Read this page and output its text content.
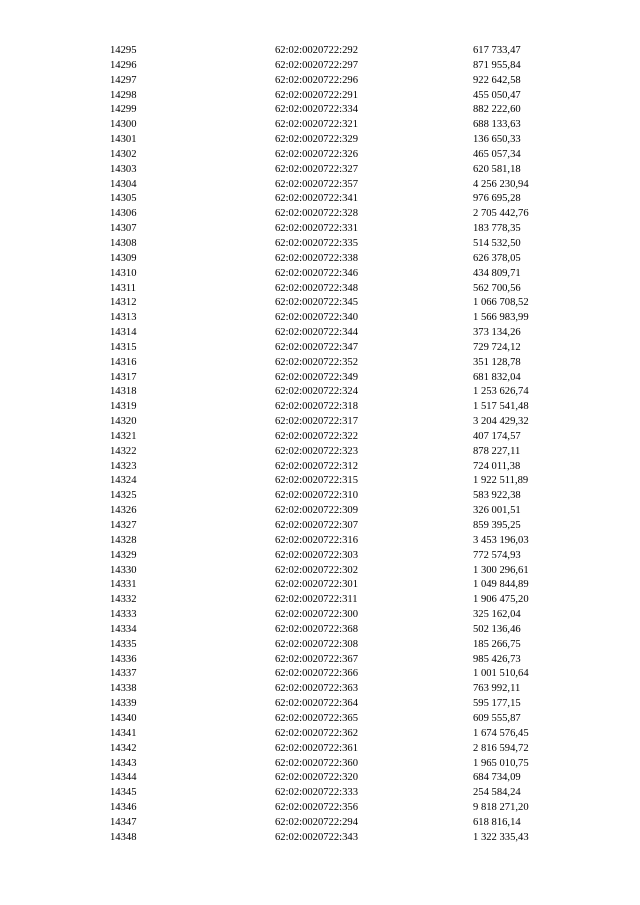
14295	62:02:0020722:292	617 733,47
14296	62:02:0020722:297	871 955,84
14297	62:02:0020722:296	922 642,58
14298	62:02:0020722:291	455 050,47
14299	62:02:0020722:334	882 222,60
14300	62:02:0020722:321	688 133,63
14301	62:02:0020722:329	136 650,33
14302	62:02:0020722:326	465 057,34
14303	62:02:0020722:327	620 581,18
14304	62:02:0020722:357	4 256 230,94
14305	62:02:0020722:341	976 695,28
14306	62:02:0020722:328	2 705 442,76
14307	62:02:0020722:331	183 778,35
14308	62:02:0020722:335	514 532,50
14309	62:02:0020722:338	626 378,05
14310	62:02:0020722:346	434 809,71
14311	62:02:0020722:348	562 700,56
14312	62:02:0020722:345	1 066 708,52
14313	62:02:0020722:340	1 566 983,99
14314	62:02:0020722:344	373 134,26
14315	62:02:0020722:347	729 724,12
14316	62:02:0020722:352	351 128,78
14317	62:02:0020722:349	681 832,04
14318	62:02:0020722:324	1 253 626,74
14319	62:02:0020722:318	1 517 541,48
14320	62:02:0020722:317	3 204 429,32
14321	62:02:0020722:322	407 174,57
14322	62:02:0020722:323	878 227,11
14323	62:02:0020722:312	724 011,38
14324	62:02:0020722:315	1 922 511,89
14325	62:02:0020722:310	583 922,38
14326	62:02:0020722:309	326 001,51
14327	62:02:0020722:307	859 395,25
14328	62:02:0020722:316	3 453 196,03
14329	62:02:0020722:303	772 574,93
14330	62:02:0020722:302	1 300 296,61
14331	62:02:0020722:301	1 049 844,89
14332	62:02:0020722:311	1 906 475,20
14333	62:02:0020722:300	325 162,04
14334	62:02:0020722:368	502 136,46
14335	62:02:0020722:308	185 266,75
14336	62:02:0020722:367	985 426,73
14337	62:02:0020722:366	1 001 510,64
14338	62:02:0020722:363	763 992,11
14339	62:02:0020722:364	595 177,15
14340	62:02:0020722:365	609 555,87
14341	62:02:0020722:362	1 674 576,45
14342	62:02:0020722:361	2 816 594,72
14343	62:02:0020722:360	1 965 010,75
14344	62:02:0020722:320	684 734,09
14345	62:02:0020722:333	254 584,24
14346	62:02:0020722:356	9 818 271,20
14347	62:02:0020722:294	618 816,14
14348	62:02:0020722:343	1 322 335,43
